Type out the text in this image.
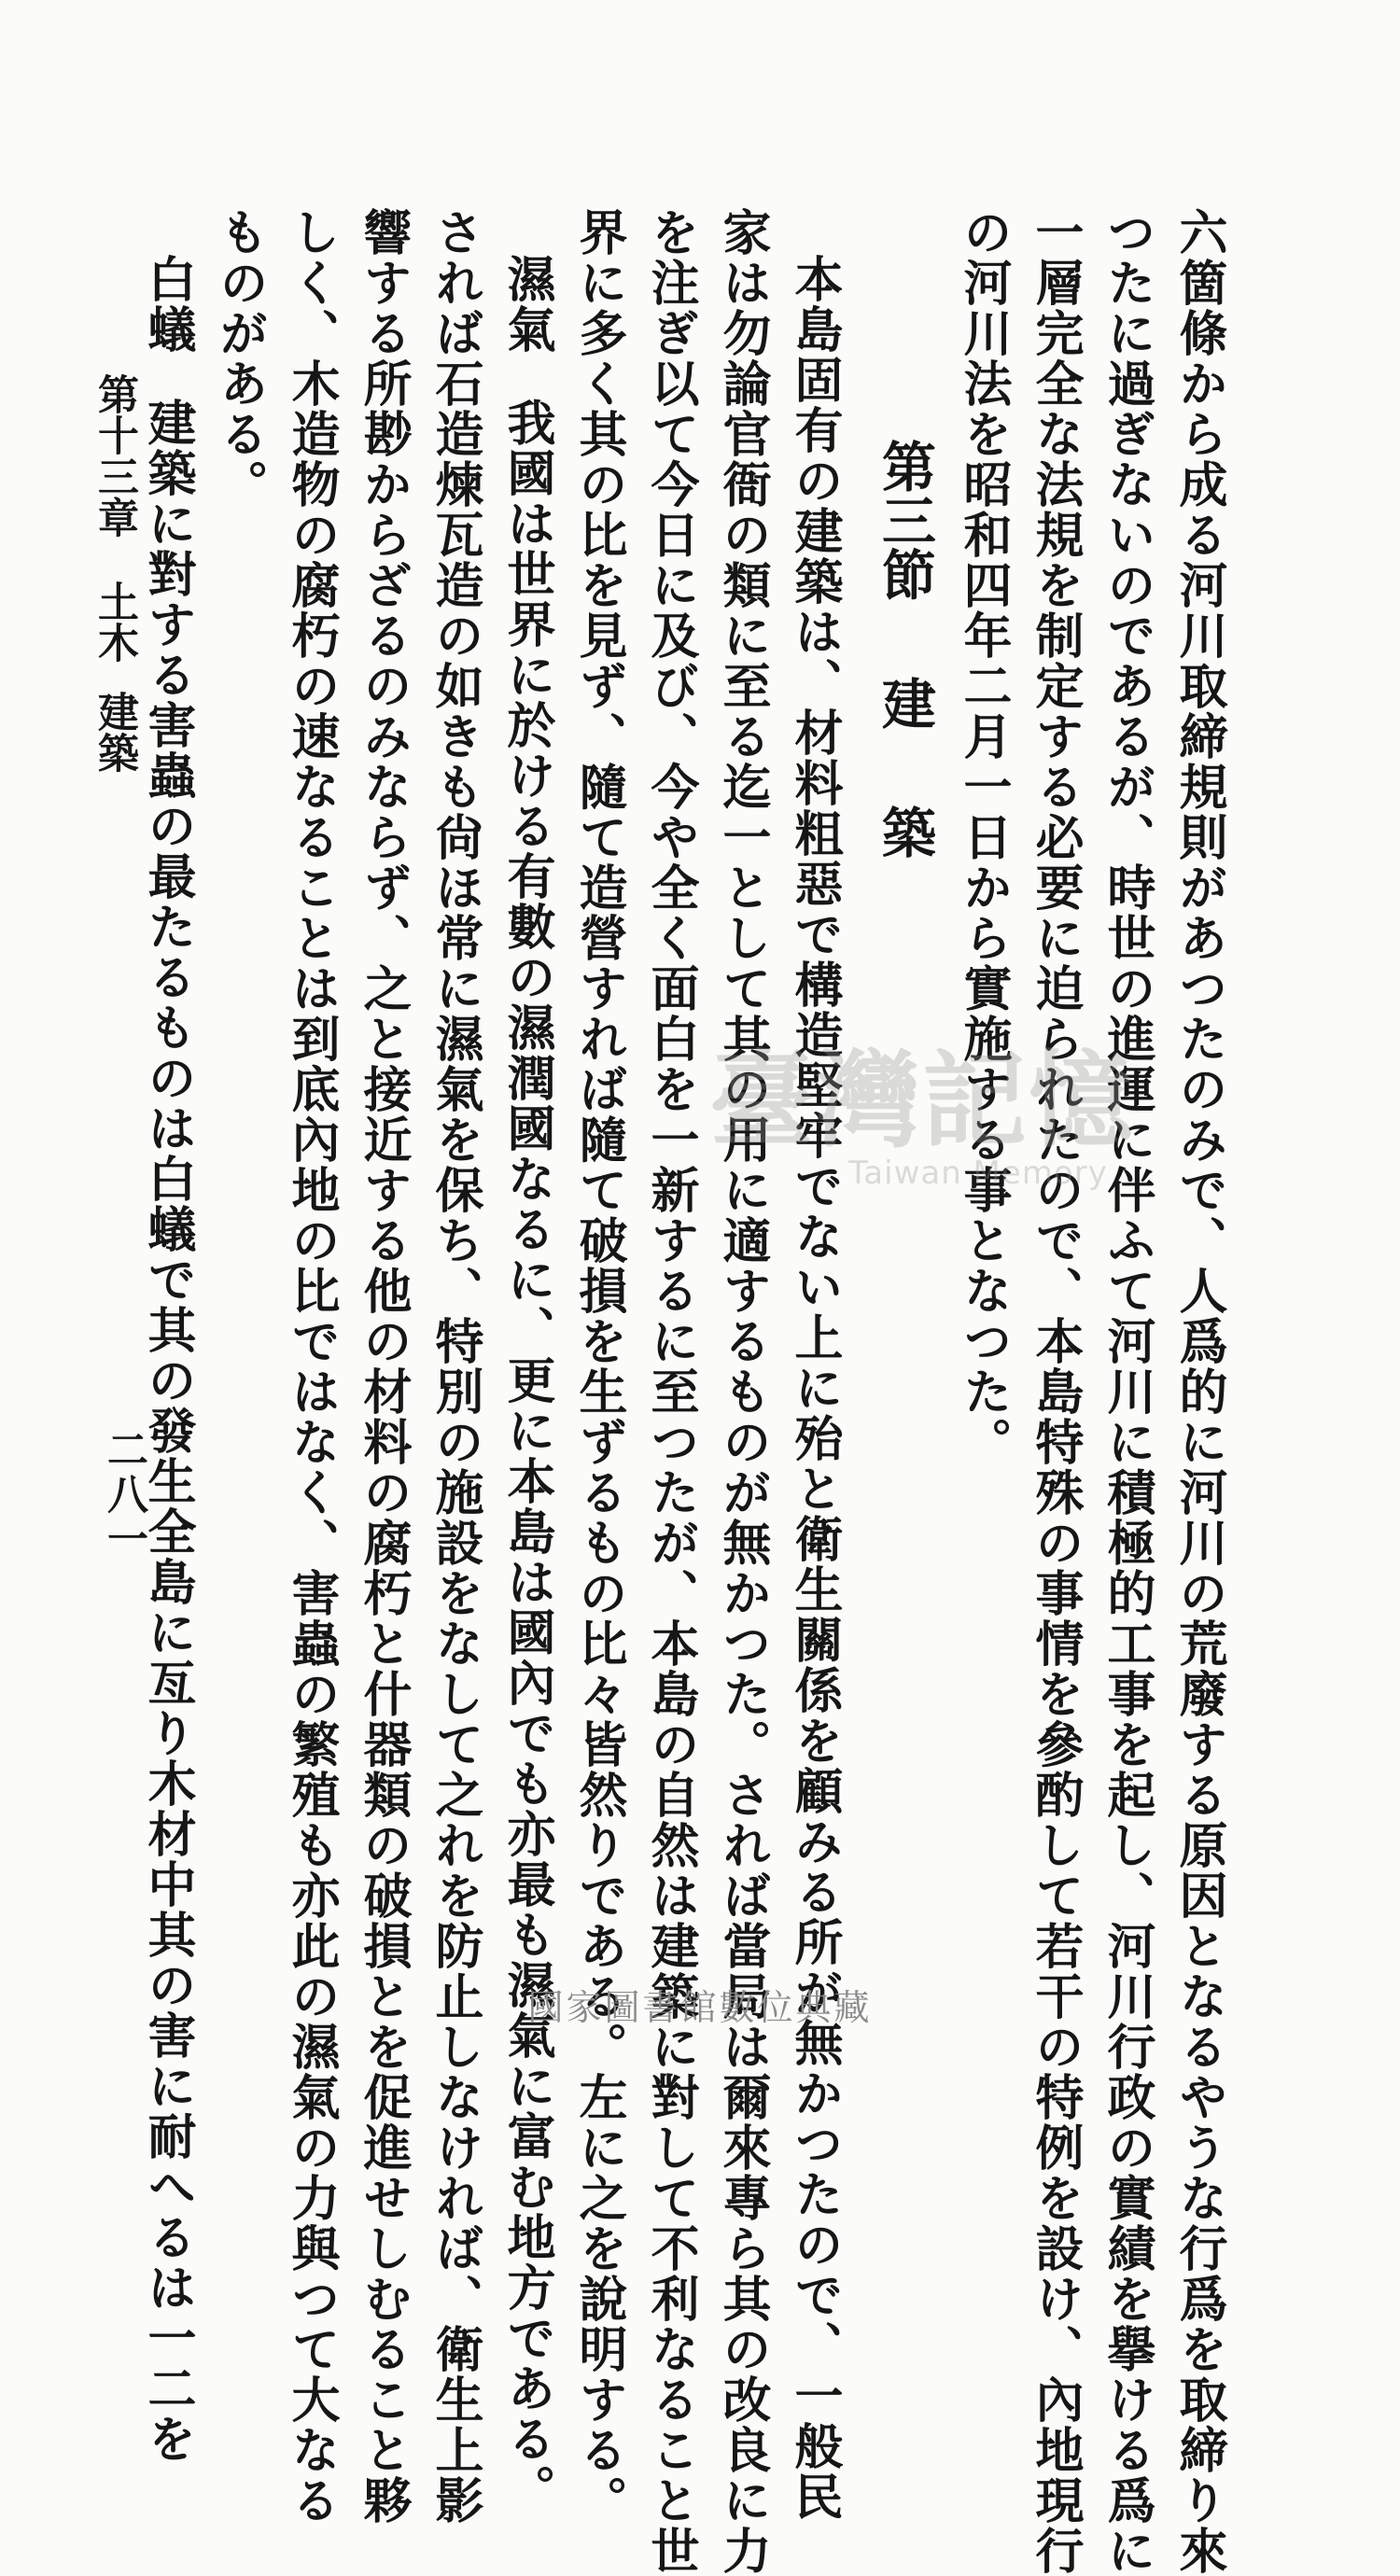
六箇條から成る河川取締規則があつたのみで、人爲的に河川の荒廢する原因となるやうな行爲を取締り來
つたに過ぎないのであるが、時世の進運に伴ふて河川に積極的工事を起し、河川行政の實績を擧ける爲に
一層完全な法規を制定する必要に迫られたので、本島特殊の事情を參酌して若干の特例を設け、內地現行
の河川法を昭和四年二月一日から實施する事となつた。
第三節建築
本島固有の建築は、材料粗惡で構造堅牢でない上に殆と衛生關係を顧みる所が無かつたので、一般民
家は勿論官衙の類に至る迄一として其の用に適するものが無かつた。されば當局は爾來專ら其の改良に力
を注ぎ以て今日に及び、今や全く面白を一新するに至つたが、本島の自然は建築に對して不利なること世
界に多く其の比を見ず、隨て造營すれば隨て破損を生ずるもの比々皆然りである。左に之を說明する。
濕氣我國は世界に於ける有數の濕潤國なるに、更に本島は國內でも亦最も濕氣に富む地方である。
されば石造煉瓦造の如きも尙ほ常に濕氣を保ち、特別の施設をなして之れを防止しなければ、衛生上影
響する所尠からざるのみならず、之と接近する他の材料の腐朽と什器類の破損とを促進せしむること夥
しく、木造物の腐朽の速なることは到底內地の比ではなく、害蟲の繁殖も亦此の濕氣の力與つて大なる
ものがある。
白蟻建築に對する害蟲の最たるものは白蟻で其の發生全島に亙り木材中其の害に耐へるは一二を
第十三章土木建築
二八一
臺灣記憶
Taiwan Memory
國家圖書館數位典藏
